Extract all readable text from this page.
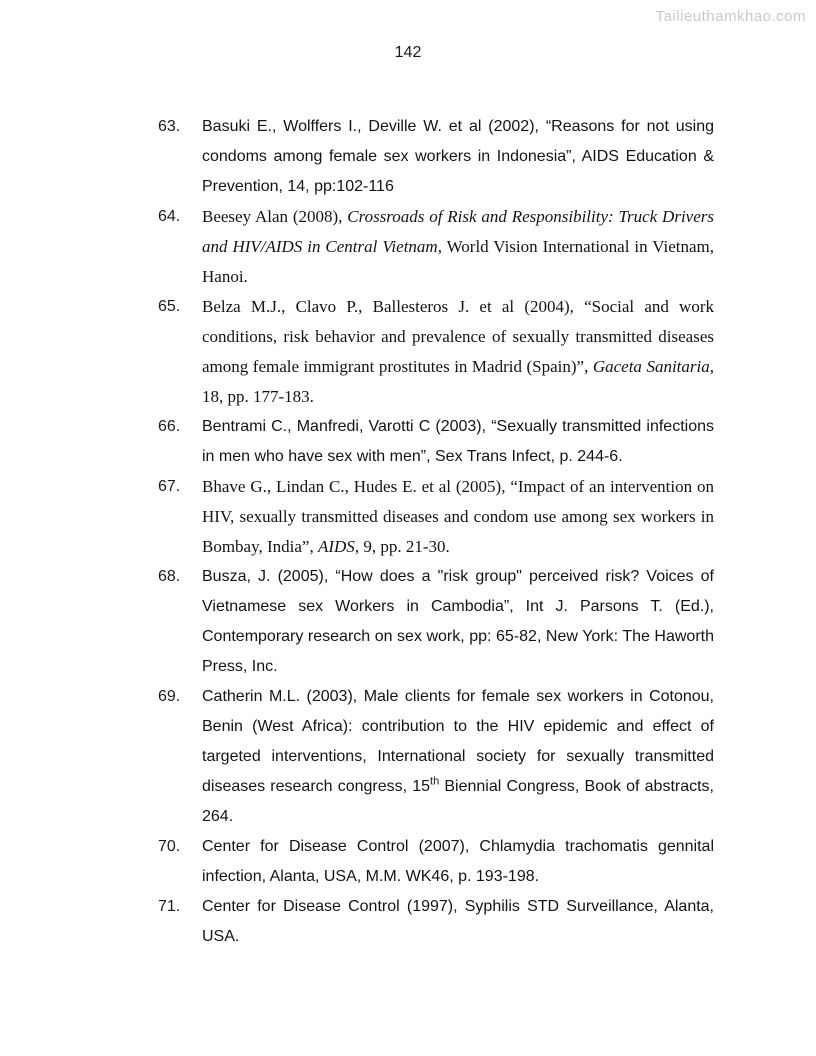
Tailieuthamkhao.com
142
63.	Basuki E., Wolffers I., Deville W. et al (2002), “Reasons for not using condoms among female sex workers in Indonesia”, AIDS Education & Prevention, 14, pp:102-116
64.	Beesey Alan (2008), Crossroads of Risk and Responsibility: Truck Drivers and HIV/AIDS in Central Vietnam, World Vision International in Vietnam, Hanoi.
65.	Belza M.J., Clavo P., Ballesteros J. et al (2004), “Social and work conditions, risk behavior and prevalence of sexually transmitted diseases among female immigrant prostitutes in Madrid (Spain)”, Gaceta Sanitaria, 18, pp. 177-183.
66.	Bentrami C., Manfredi, Varotti C (2003), “Sexually transmitted infections in men who have sex with men”, Sex Trans Infect, p. 244-6.
67.	Bhave G., Lindan C., Hudes E. et al (2005), “Impact of an intervention on HIV, sexually transmitted diseases and condom use among sex workers in Bombay, India”, AIDS, 9, pp. 21-30.
68.	Busza, J. (2005), “How does a "risk group" perceived risk? Voices of Vietnamese sex Workers in Cambodia”, Int J. Parsons T. (Ed.), Contemporary research on sex work, pp: 65-82, New York: The Haworth Press, Inc.
69.	Catherin M.L. (2003), Male clients for female sex workers in Cotonou, Benin (West Africa): contribution to the HIV epidemic and effect of targeted interventions, International society for sexually transmitted diseases research congress, 15th Biennial Congress, Book of abstracts, 264.
70.	Center for Disease Control (2007), Chlamydia trachomatis gennital infection, Alanta, USA, M.M. WK46, p. 193-198.
71.	Center for Disease Control (1997), Syphilis STD Surveillance, Alanta, USA.
